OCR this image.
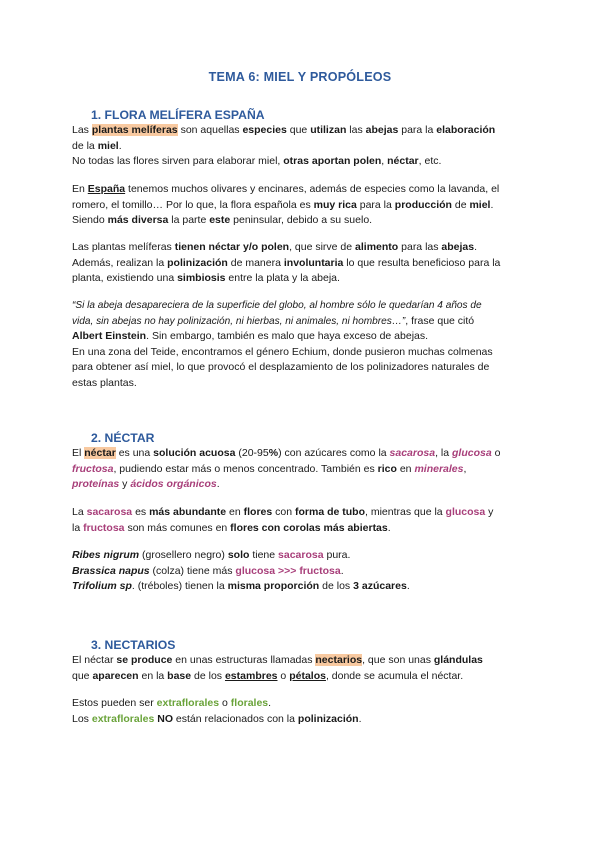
TEMA 6: MIEL Y PROPÓLEOS
1. FLORA MELÍFERA ESPAÑA

Las plantas melíferas son aquellas especies que utilizan las abejas para la elaboración
de la miel.
No todas las flores sirven para elaborar miel, otras aportan polen, néctar, etc.

En España tenemos muchos olivares y encinares, además de especies como la lavanda, el
romero, el tomillo… Por lo que, la flora española es muy rica para la producción de miel.
Siendo más diversa la parte este peninsular, debido a su suelo.

Las plantas melíferas tienen néctar y/o polen, que sirve de alimento para las abejas.
Además, realizan la polinización de manera involuntaria lo que resulta beneficioso para la
planta, existiendo una simbiosis entre la plata y la abeja.

“Si la abeja desapareciera de la superficie del globo, al hombre sólo le quedarían 4 años de
vida, sin abejas no hay polinización, ni hierbas, ni animales, ni hombres…”, frase que citó
Albert Einstein. Sin embargo, también es malo que haya exceso de abejas.
En una zona del Teide, encontramos el género Echium, donde pusieron muchas colmenas
para obtener así miel, lo que provocó el desplazamiento de los polinizadores naturales de
estas plantas.

2. NÉCTAR

El néctar es una solución acuosa (20-95%) con azúcares como la sacarosa, la glucosa o
fructosa, pudiendo estar más o menos concentrado. También es rico en minerales,
proteínas y ácidos orgánicos.

La sacarosa es más abundante en flores con forma de tubo, mientras que la glucosa y
la fructosa son más comunes en flores con corolas más abiertas.

Ribes nigrum (grosellero negro) solo tiene sacarosa pura.
Brassica napus (colza) tiene más glucosa >>> fructosa.
Trifolium sp. (tréboles) tienen la misma proporción de los 3 azúcares.

3. NECTARIOS

El néctar se produce en unas estructuras llamadas nectarios, que son unas glándulas
que aparecen en la base de los estambres o pétalos, donde se acumula el néctar.

Estos pueden ser extraflorales o florales.
Los extraflorales NO están relacionados con la polinización.
